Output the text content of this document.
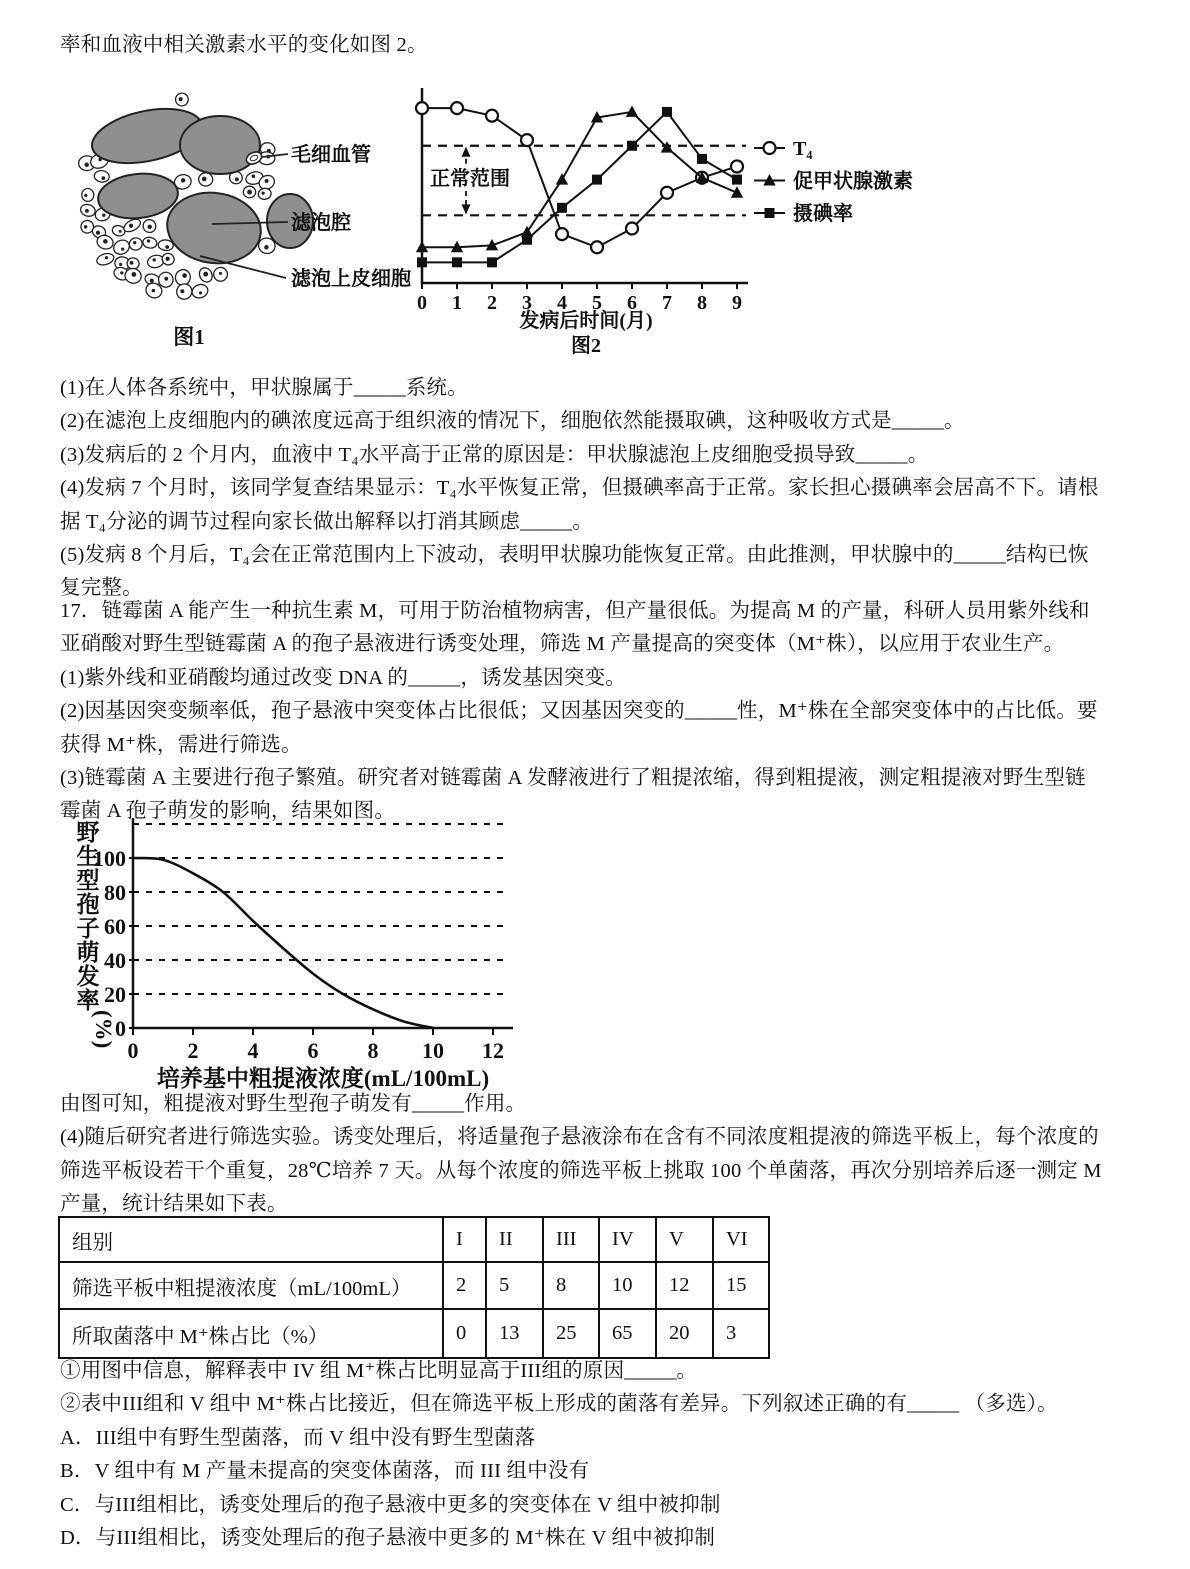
率和血液中相关激素水平的变化如图 2。
毛细血管
滤泡腔
滤泡上皮细胞
图1
0 1 2 3 4 5 6 7 8 9
正常范围
T₄
促甲状腺激素
摄碘率
发病后时间(月)
图2
(1)在人体各系统中，甲状腺属于_____系统。
(2)在滤泡上皮细胞内的碘浓度远高于组织液的情况下，细胞依然能摄取碘，这种吸收方式是_____。
(3)发病后的 2 个月内，血液中 T₄水平高于正常的原因是：甲状腺滤泡上皮细胞受损导致_____。
(4)发病 7 个月时，该同学复查结果显示：T₄水平恢复正常，但摄碘率高于正常。家长担心摄碘率会居高不下。请根
据 T₄分泌的调节过程向家长做出解释以打消其顾虑_____。
(5)发病 8 个月后，T₄会在正常范围内上下波动，表明甲状腺功能恢复正常。由此推测，甲状腺中的_____结构已恢
复完整。
17．链霉菌 A 能产生一种抗生素 M，可用于防治植物病害，但产量很低。为提高 M 的产量，科研人员用紫外线和
亚硝酸对野生型链霉菌 A 的孢子悬液进行诱变处理，筛选 M 产量提高的突变体（M⁺株），以应用于农业生产。
(1)紫外线和亚硝酸均通过改变 DNA 的_____，诱发基因突变。
(2)因基因突变频率低，孢子悬液中突变体占比很低；又因基因突变的_____性，M⁺株在全部突变体中的占比低。要
获得 M⁺株，需进行筛选。
(3)链霉菌 A 主要进行孢子繁殖。研究者对链霉菌 A 发酵液进行了粗提浓缩，得到粗提液，测定粗提液对野生型链
霉菌 A 孢子萌发的影响，结果如图。
0
20
40
60
80
100
0 2 4 6 8 10 12
野
生
型
孢
子
萌
发
率
(%)
培养基中粗提液浓度(mL/100mL)
由图可知，粗提液对野生型孢子萌发有_____作用。
(4)随后研究者进行筛选实验。诱变处理后，将适量孢子悬液涂布在含有不同浓度粗提液的筛选平板上，每个浓度的
筛选平板设若干个重复，28℃培养 7 天。从每个浓度的筛选平板上挑取 100 个单菌落，再次分别培养后逐一测定 M
产量，统计结果如下表。
组别	I	II	III	IV	V	VI
筛选平板中粗提液浓度（mL/100mL）	2	5	8	10	12	15
所取菌落中 M⁺株占比（%）	0	13	25	65	20	3
①用图中信息，解释表中 IV 组 M⁺株占比明显高于III组的原因_____。
②表中III组和 V 组中 M⁺株占比接近，但在筛选平板上形成的菌落有差异。下列叙述正确的有_____ （多选）。
A．III组中有野生型菌落，而 V 组中没有野生型菌落
B．V 组中有 M 产量未提高的突变体菌落，而 III 组中没有
C．与III组相比，诱变处理后的孢子悬液中更多的突变体在 V 组中被抑制
D．与III组相比，诱变处理后的孢子悬液中更多的 M⁺株在 V 组中被抑制
